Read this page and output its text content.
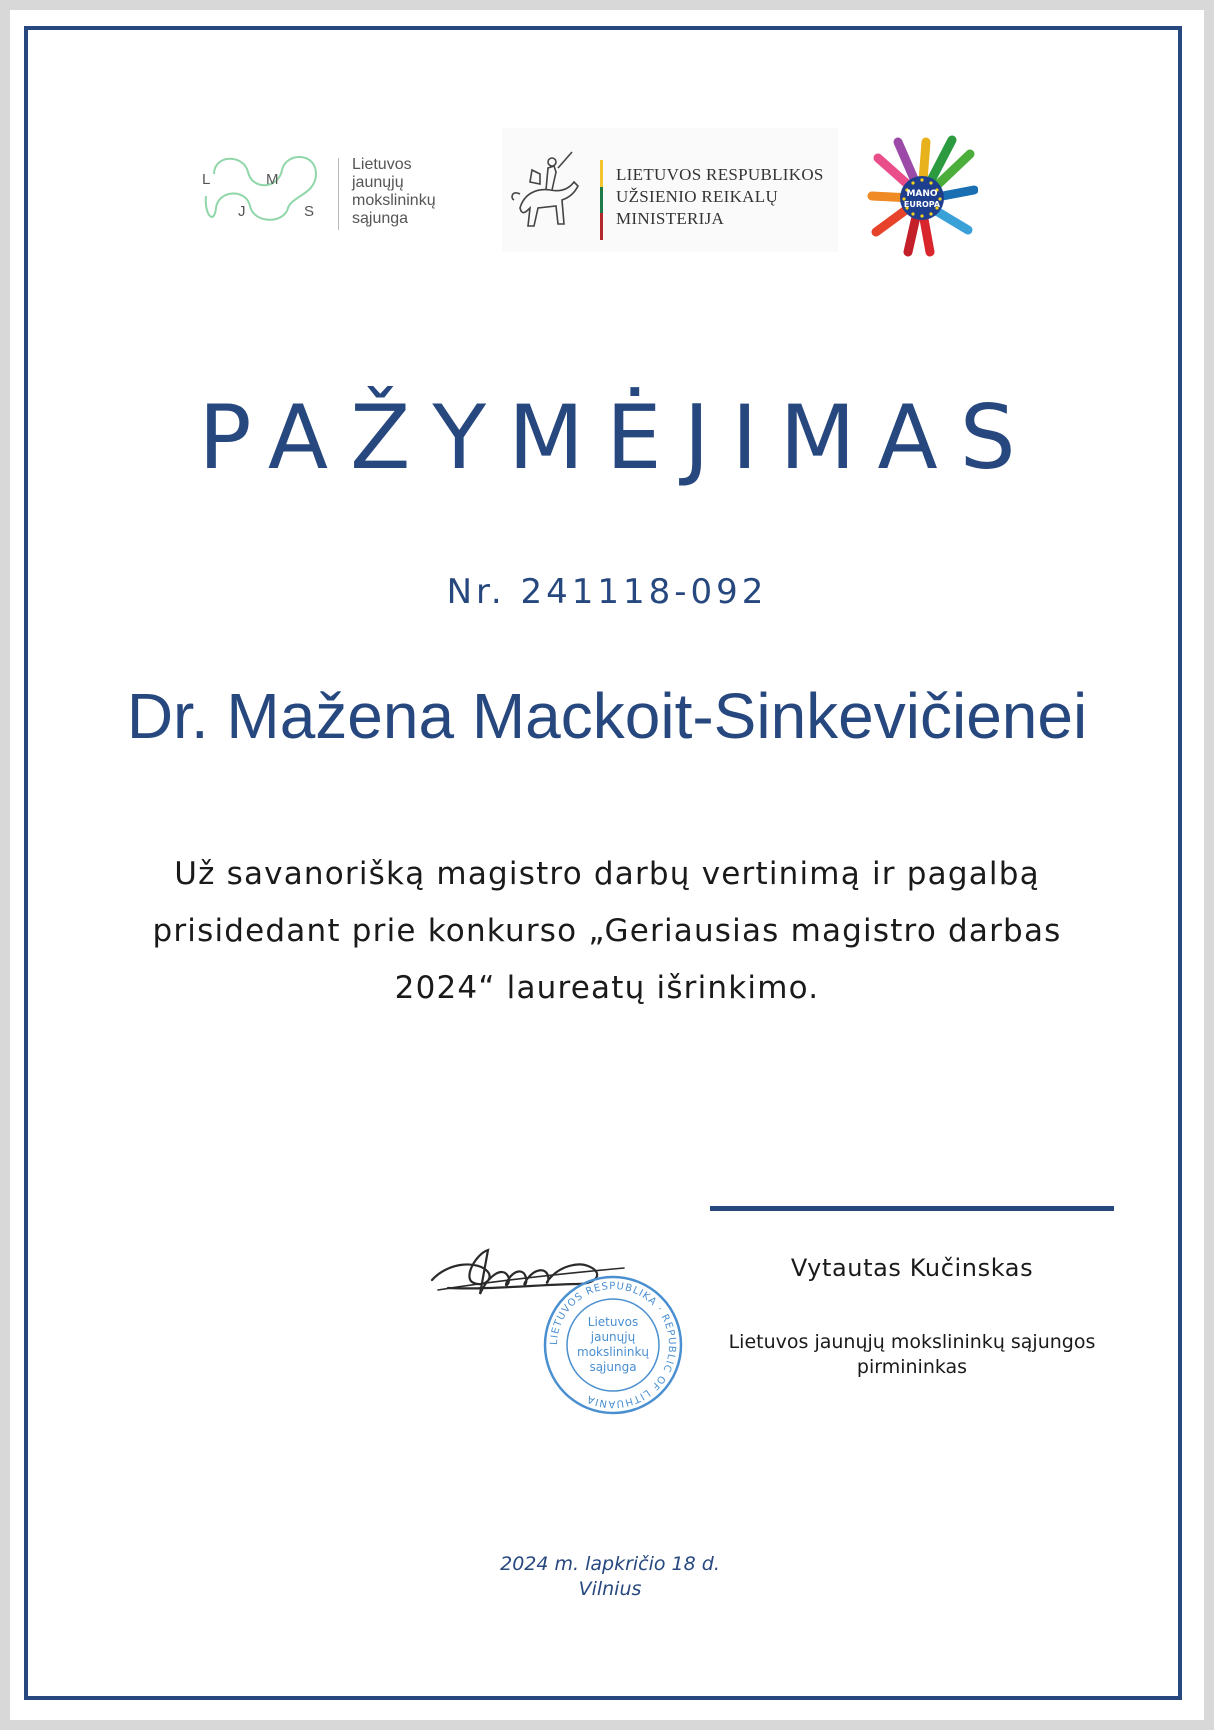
L	M
J	S
Lietuvos
jaunųjų
mokslininkų
sąjunga
LIETUVOS RESPUBLIKOS
UŽSIENIO REIKALŲ
MINISTERIJA
MANO
EUROPA
PAŽYMĖJIMAS
Nr. 241118-092
Dr. Mažena Mackoit-Sinkevičienei
Už savanorišką magistro darbų vertinimą ir pagalbą
prisidedant prie konkurso „Geriausias magistro darbas
2024“ laureatų išrinkimo.
LIETUVOS RESPUBLIKA · REPUBLIC OF LITHUANIA
Lietuvos
jaunųjų
mokslininkų
sąjunga
Vytautas Kučinskas
Lietuvos jaunųjų mokslininkų sąjungos
pirmininkas
2024 m. lapkričio 18 d.
Vilnius
